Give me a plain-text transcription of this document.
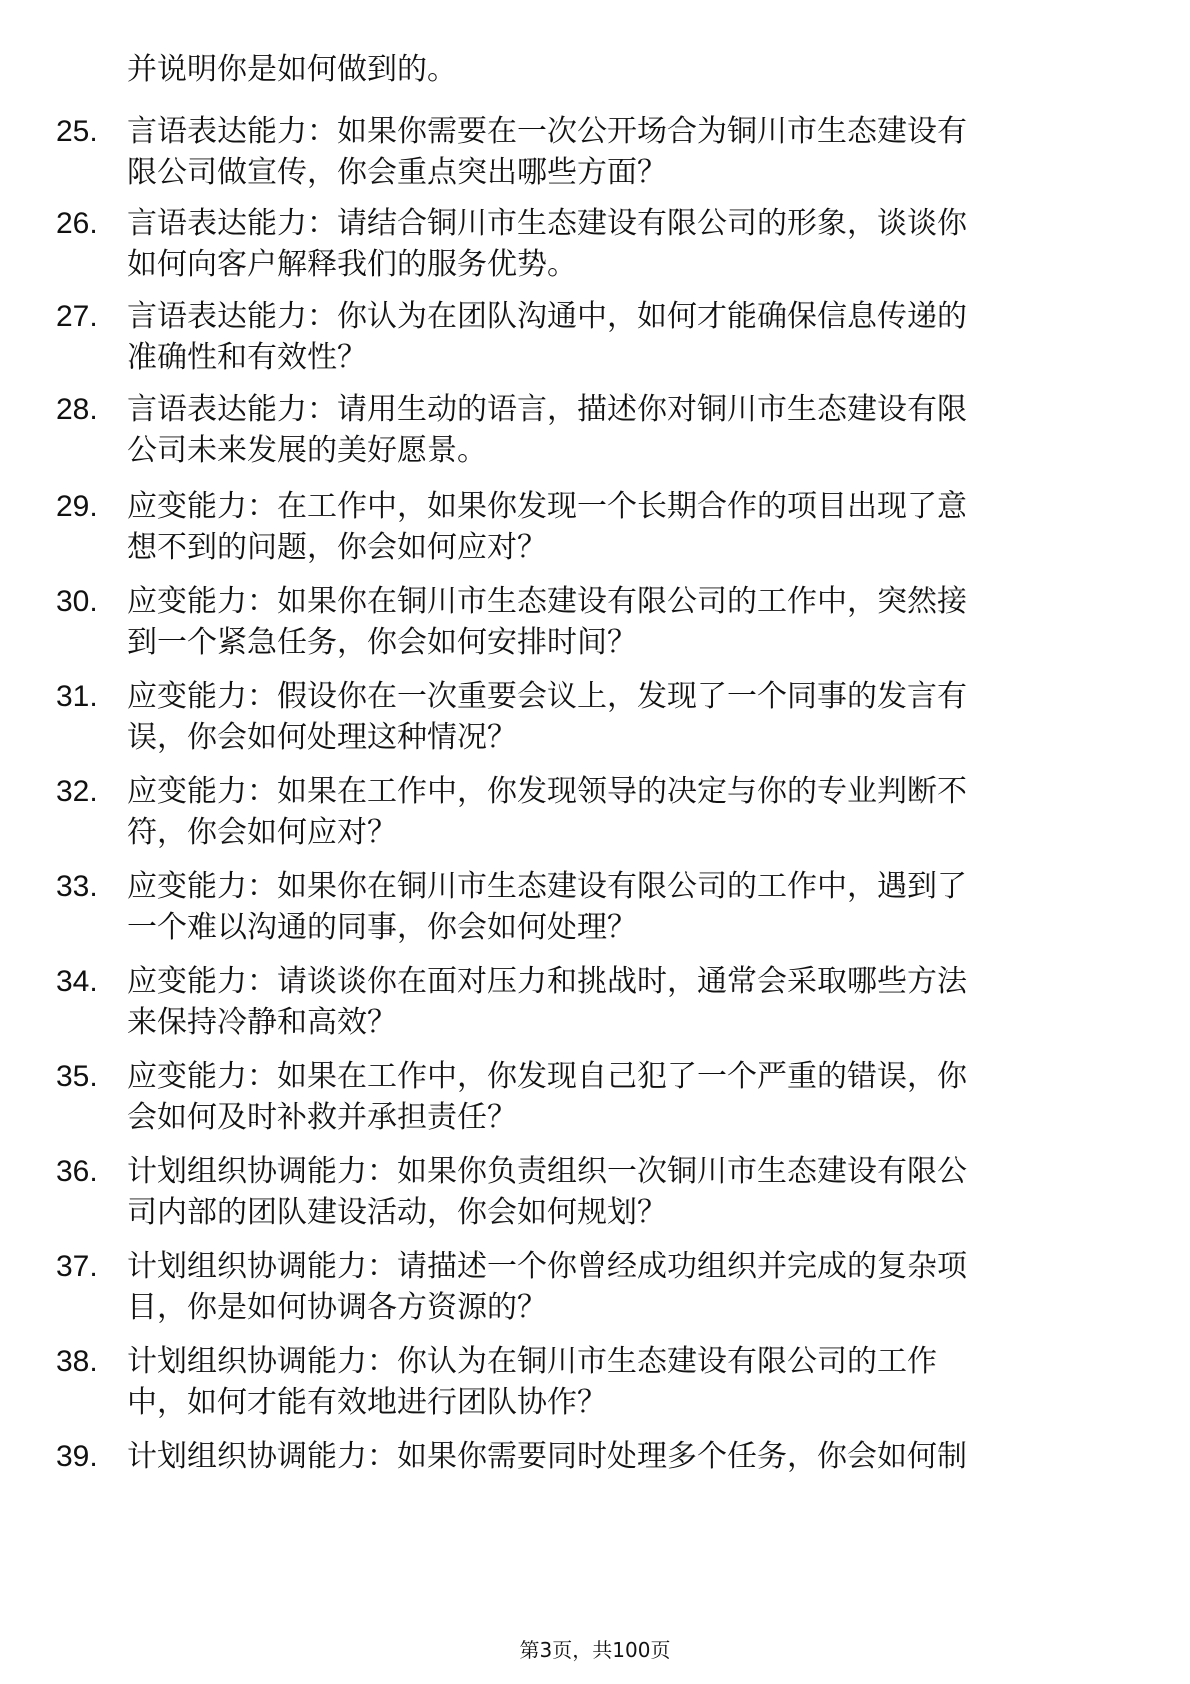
并说明你是如何做到的。
25. 言语表达能力：如果你需要在一次公开场合为铜川市生态建设有
限公司做宣传，你会重点突出哪些方面？
26. 言语表达能力：请结合铜川市生态建设有限公司的形象，谈谈你
如何向客户解释我们的服务优势。
27. 言语表达能力：你认为在团队沟通中，如何才能确保信息传递的
准确性和有效性？
28. 言语表达能力：请用生动的语言，描述你对铜川市生态建设有限
公司未来发展的美好愿景。
29. 应变能力：在工作中，如果你发现一个长期合作的项目出现了意
想不到的问题，你会如何应对？
30. 应变能力：如果你在铜川市生态建设有限公司的工作中，突然接
到一个紧急任务，你会如何安排时间？
31. 应变能力：假设你在一次重要会议上，发现了一个同事的发言有
误，你会如何处理这种情况？
32. 应变能力：如果在工作中，你发现领导的决定与你的专业判断不
符，你会如何应对？
33. 应变能力：如果你在铜川市生态建设有限公司的工作中，遇到了
一个难以沟通的同事，你会如何处理？
34. 应变能力：请谈谈你在面对压力和挑战时，通常会采取哪些方法
来保持冷静和高效？
35. 应变能力：如果在工作中，你发现自己犯了一个严重的错误，你
会如何及时补救并承担责任？
36. 计划组织协调能力：如果你负责组织一次铜川市生态建设有限公
司内部的团队建设活动，你会如何规划？
37. 计划组织协调能力：请描述一个你曾经成功组织并完成的复杂项
目，你是如何协调各方资源的？
38. 计划组织协调能力：你认为在铜川市生态建设有限公司的工作
中，如何才能有效地进行团队协作？
39. 计划组织协调能力：如果你需要同时处理多个任务，你会如何制
第3页，共100页
